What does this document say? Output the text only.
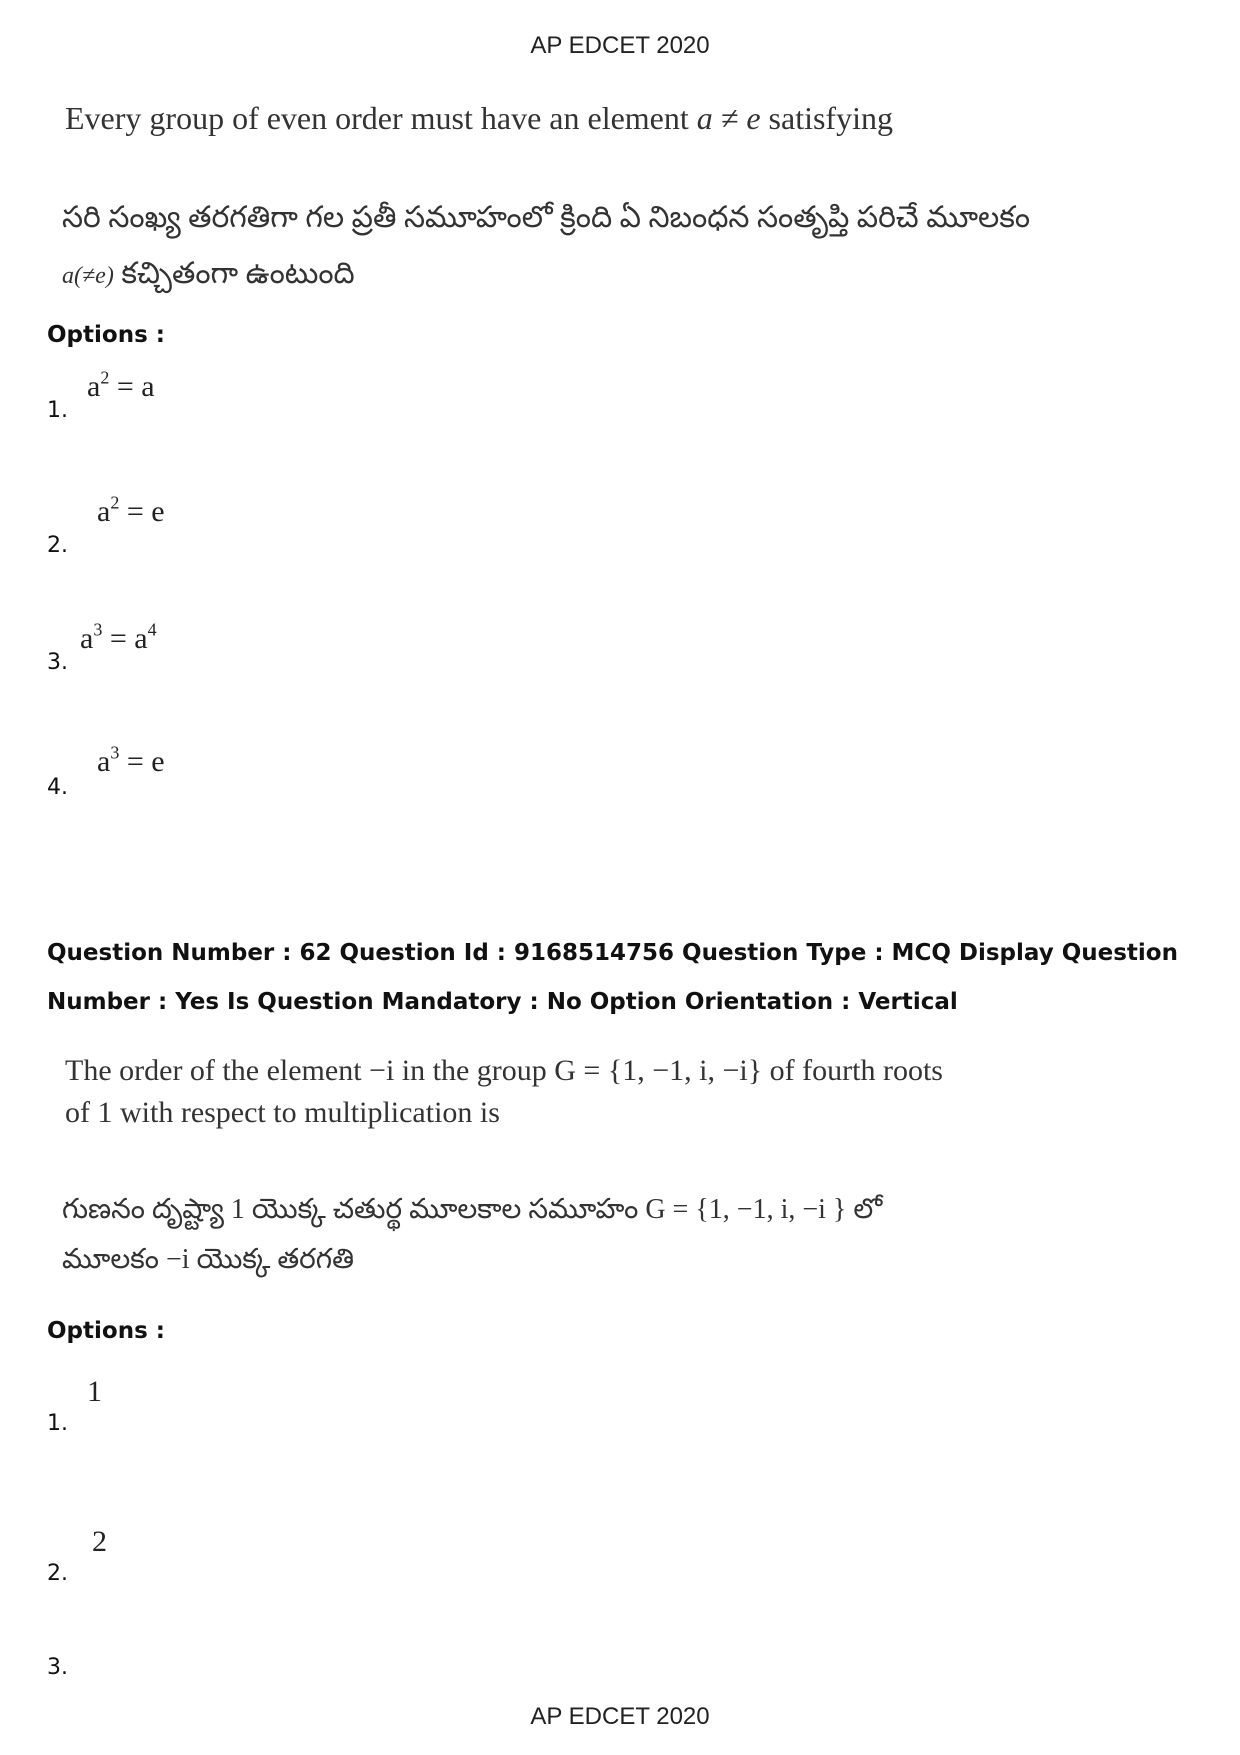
AP EDCET 2020
Every group of even order must have an element a ≠ e satisfying
సరి సంఖ్య తరగతిగా గల ప్రతీ సమూహంలో క్రింది ఏ నిబంధన సంతృప్తి పరిచే మూలకం
a(≠e) కచ్చితంగా ఉంటుంది
Options :
1.
$a^2 = a$
2.
$a^2 = e$
3.
$a^3 = a^4$
4.
$a^3 = e$
Question Number : 62 Question Id : 9168514756 Question Type : MCQ Display Question
Number : Yes Is Question Mandatory : No Option Orientation : Vertical
The order of the element −i in the group G = {1, −1, i, −i} of fourth roots
of 1 with respect to multiplication is
గుణనం దృష్ట్యా 1 యొక్క చతుర్థ మూలకాల సమూహం G = {1, −1, i, −i } లో
మూలకం −i యొక్క తరగతి
Options :
1.
1
2.
2
3.
AP EDCET 2020
